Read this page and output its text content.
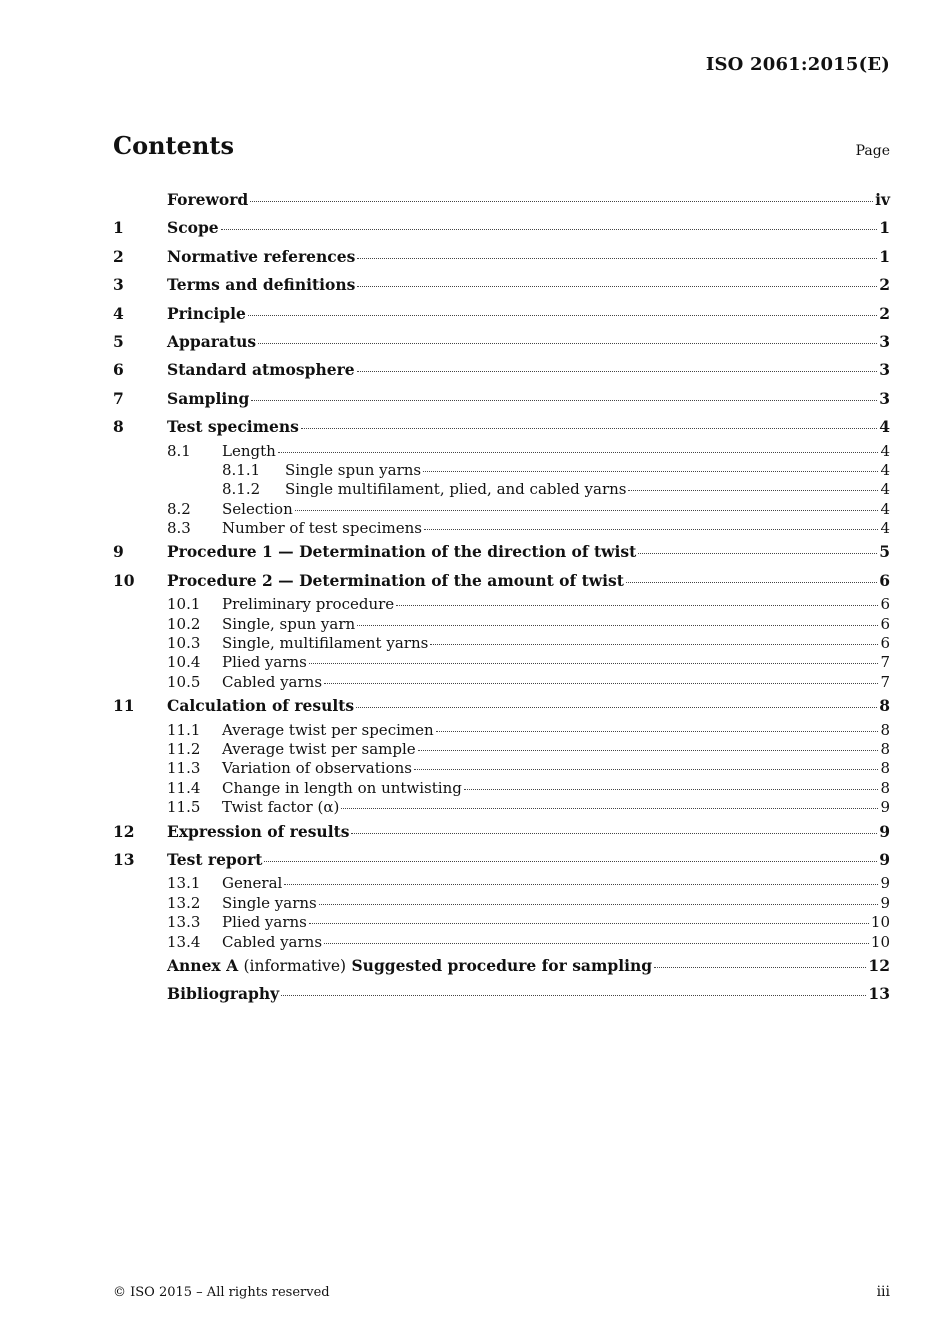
ISO 2061:2015(E)
Contents	Page
Foreword	iv
1	Scope	1
2	Normative references	1
3	Terms and definitions	2
4	Principle	2
5	Apparatus	3
6	Standard atmosphere	3
7	Sampling	3
8	Test specimens	4
8.1	Length	4
8.1.1	Single spun yarns	4
8.1.2	Single multifilament, plied, and cabled yarns	4
8.2	Selection	4
8.3	Number of test specimens	4
9	Procedure 1 — Determination of the direction of twist	5
10	Procedure 2 — Determination of the amount of twist	6
10.1	Preliminary procedure	6
10.2	Single, spun yarn	6
10.3	Single, multifilament yarns	6
10.4	Plied yarns	7
10.5	Cabled yarns	7
11	Calculation of results	8
11.1	Average twist per specimen	8
11.2	Average twist per sample	8
11.3	Variation of observations	8
11.4	Change in length on untwisting	8
11.5	Twist factor (α)	9
12	Expression of results	9
13	Test report	9
13.1	General	9
13.2	Single yarns	9
13.3	Plied yarns	10
13.4	Cabled yarns	10
Annex A (informative) Suggested procedure for sampling	12
Bibliography	13
© ISO 2015 – All rights reserved	iii
